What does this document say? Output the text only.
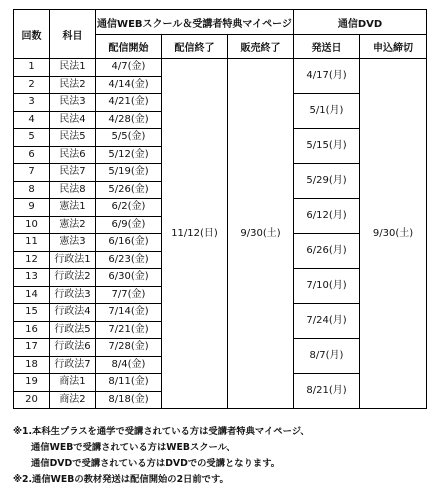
回数	科目	通信WEBスクール＆受講者特典マイページ			通信DVD	
		配信開始	配信終了	販売終了	発送日	申込締切
1	民法1	4/7(金)	11/12(日)	9/30(土)	4/17(月)	9/30(土)
2	民法2	4/14(金)				
3	民法3	4/21(金)			5/1(月)	
4	民法4	4/28(金)				
5	民法5	5/5(金)			5/15(月)	
6	民法6	5/12(金)				
7	民法7	5/19(金)			5/29(月)	
8	民法8	5/26(金)				
9	憲法1	6/2(金)			6/12(月)	
10	憲法2	6/9(金)				
11	憲法3	6/16(金)			6/26(月)	
12	行政法1	6/23(金)				
13	行政法2	6/30(金)			7/10(月)	
14	行政法3	7/7(金)				
15	行政法4	7/14(金)			7/24(月)	
16	行政法5	7/21(金)				
17	行政法6	7/28(金)			8/7(月)	
18	行政法7	8/4(金)				
19	商法1	8/11(金)			8/21(月)	
20	商法2	8/18(金)				
※1.本科生プラスを通学で受講されている方は受講者特典マイページ、
通信WEBで受講されている方はWEBスクール、
通信DVDで受講されている方はDVDでの受講となります。
※2.通信WEBの教材発送は配信開始の2日前です。
